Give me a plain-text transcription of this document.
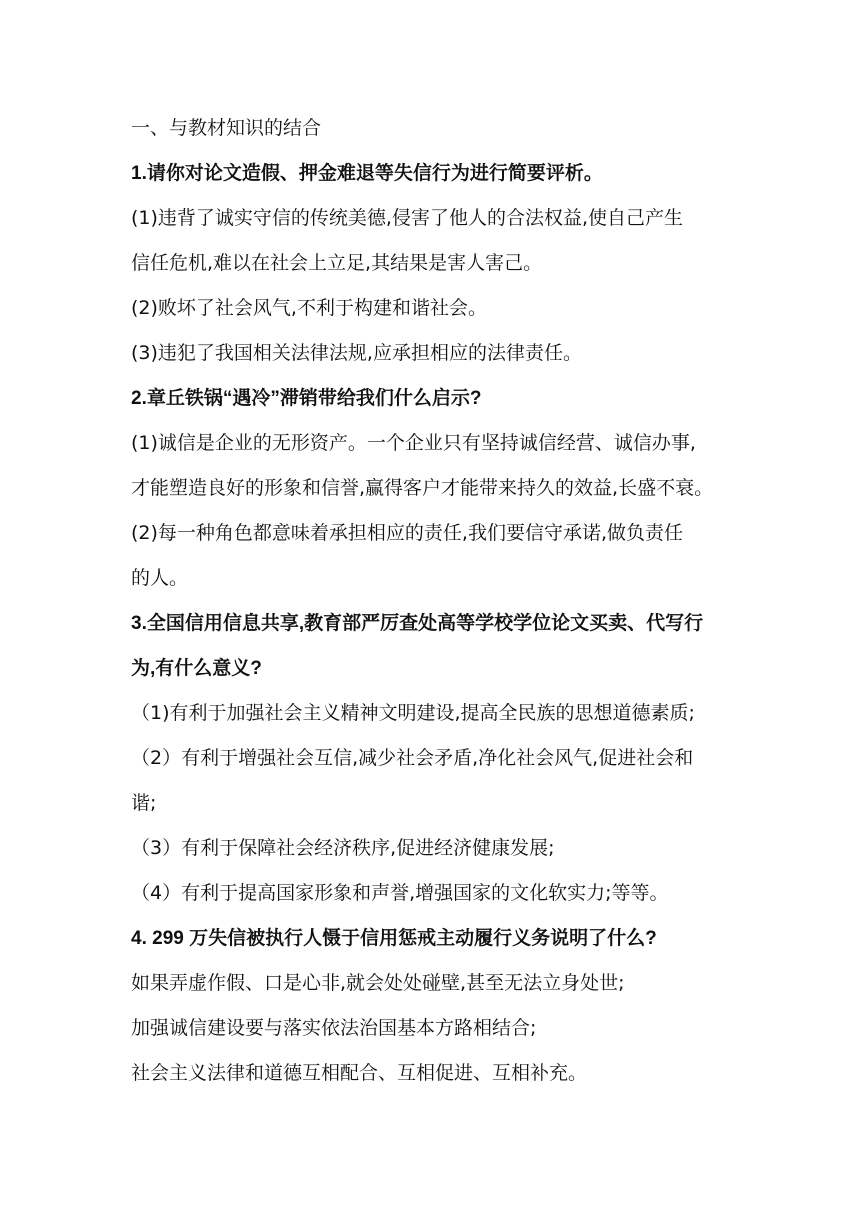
一、与教材知识的结合
1.请你对论文造假、押金难退等失信行为进行简要评析。
(1)违背了诚实守信的传统美德,侵害了他人的合法权益,使自己产生
信任危机,难以在社会上立足,其结果是害人害己。
(2)败坏了社会风气,不利于构建和谐社会。
(3)违犯了我国相关法律法规,应承担相应的法律责任。
2.章丘铁锅“遇冷”滞销带给我们什么启示?
(1)诚信是企业的无形资产。一个企业只有坚持诚信经营、诚信办事,
才能塑造良好的形象和信誉,赢得客户才能带来持久的效益,长盛不衰。
(2)每一种角色都意味着承担相应的责任,我们要信守承诺,做负责任
的人。
3.全国信用信息共享,教育部严厉查处高等学校学位论文买卖、代写行
为,有什么意义?
（1)有利于加强社会主义精神文明建设,提高全民族的思想道德素质;
（2）有利于增强社会互信,减少社会矛盾,净化社会风气,促进社会和
谐;
（3）有利于保障社会经济秩序,促进经济健康发展;
（4）有利于提高国家形象和声誉,增强国家的文化软实力;等等。
4. 299 万失信被执行人慑于信用惩戒主动履行义务说明了什么?
如果弄虚作假、口是心非,就会处处碰壁,甚至无法立身处世;
加强诚信建设要与落实依法治国基本方路相结合;
社会主义法律和道德互相配合、互相促进、互相补充。
